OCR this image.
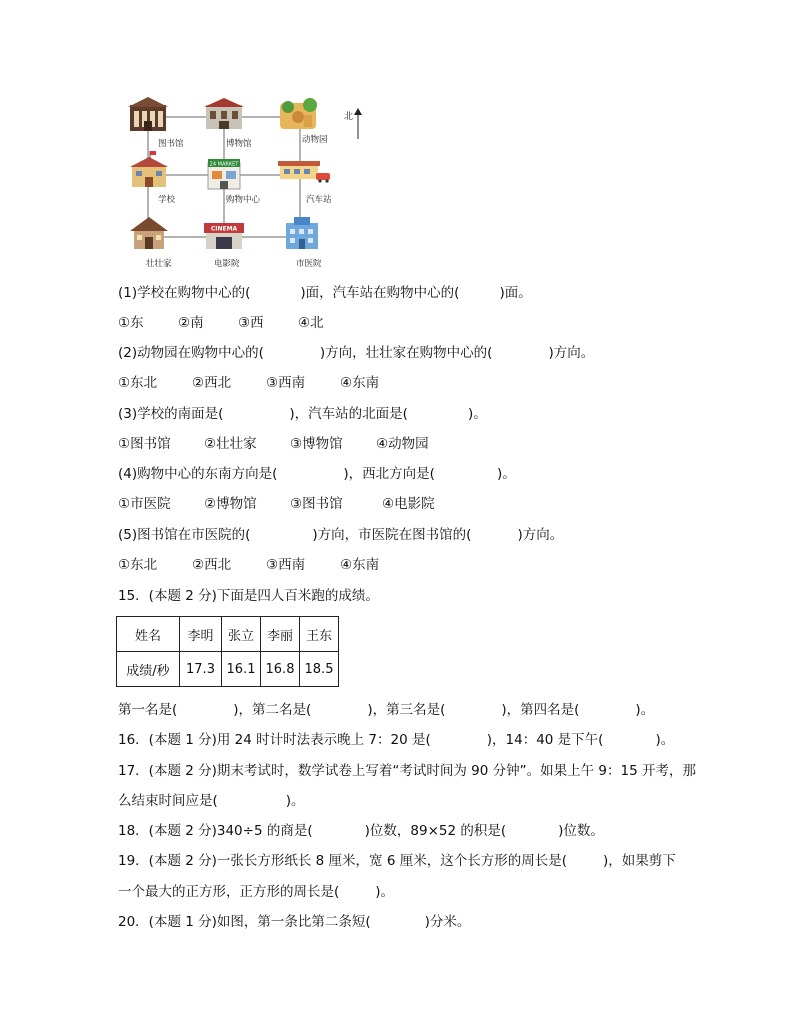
24 MARKET
CINEMA
图书馆	博物馆	动物园
学校	购物中心	汽车站
壮壮家	电影院	市医院
北
(1)学校在购物中心的(	)面，汽车站在购物中心的(	)面。
①东	②南	③西	④北
(2)动物园在购物中心的(	)方向，壮壮家在购物中心的(	)方向。
①东北	②西北	③西南	④东南
(3)学校的南面是(	)，汽车站的北面是(	)。
①图书馆 ②壮壮家 ③博物馆 ④动物园
(4)购物中心的东南方向是(	)，西北方向是(	)。
①市医院 ②博物馆 ③图书馆	④电影院
(5)图书馆在市医院的(	)方向，市医院在图书馆的(	)方向。
①东北	②西北	③西南	④东南
15．(本题 2 分)下面是四人百米跑的成绩。
姓名	李明	张立	李丽	王东
成绩/秒	17.3	16.1	16.8	18.5
第一名是(	)，第二名是(	)，第三名是(	)，第四名是(	)。
16．(本题 1 分)用 24 时计时法表示晚上 7：20 是(	)，14：40 是下午(	)。
17．(本题 2 分)期末考试时，数学试卷上写着“考试时间为 90 分钟”。如果上午 9：15 开考，那
么结束时间应是(	)。
18．(本题 2 分)340÷5 的商是(	)位数，89×52 的积是(	)位数。
19．(本题 2 分)一张长方形纸长 8 厘米，宽 6 厘米，这个长方形的周长是(	)，如果剪下
一个最大的正方形，正方形的周长是(	)。
20．(本题 1 分)如图，第一条比第二条短(	)分米。
